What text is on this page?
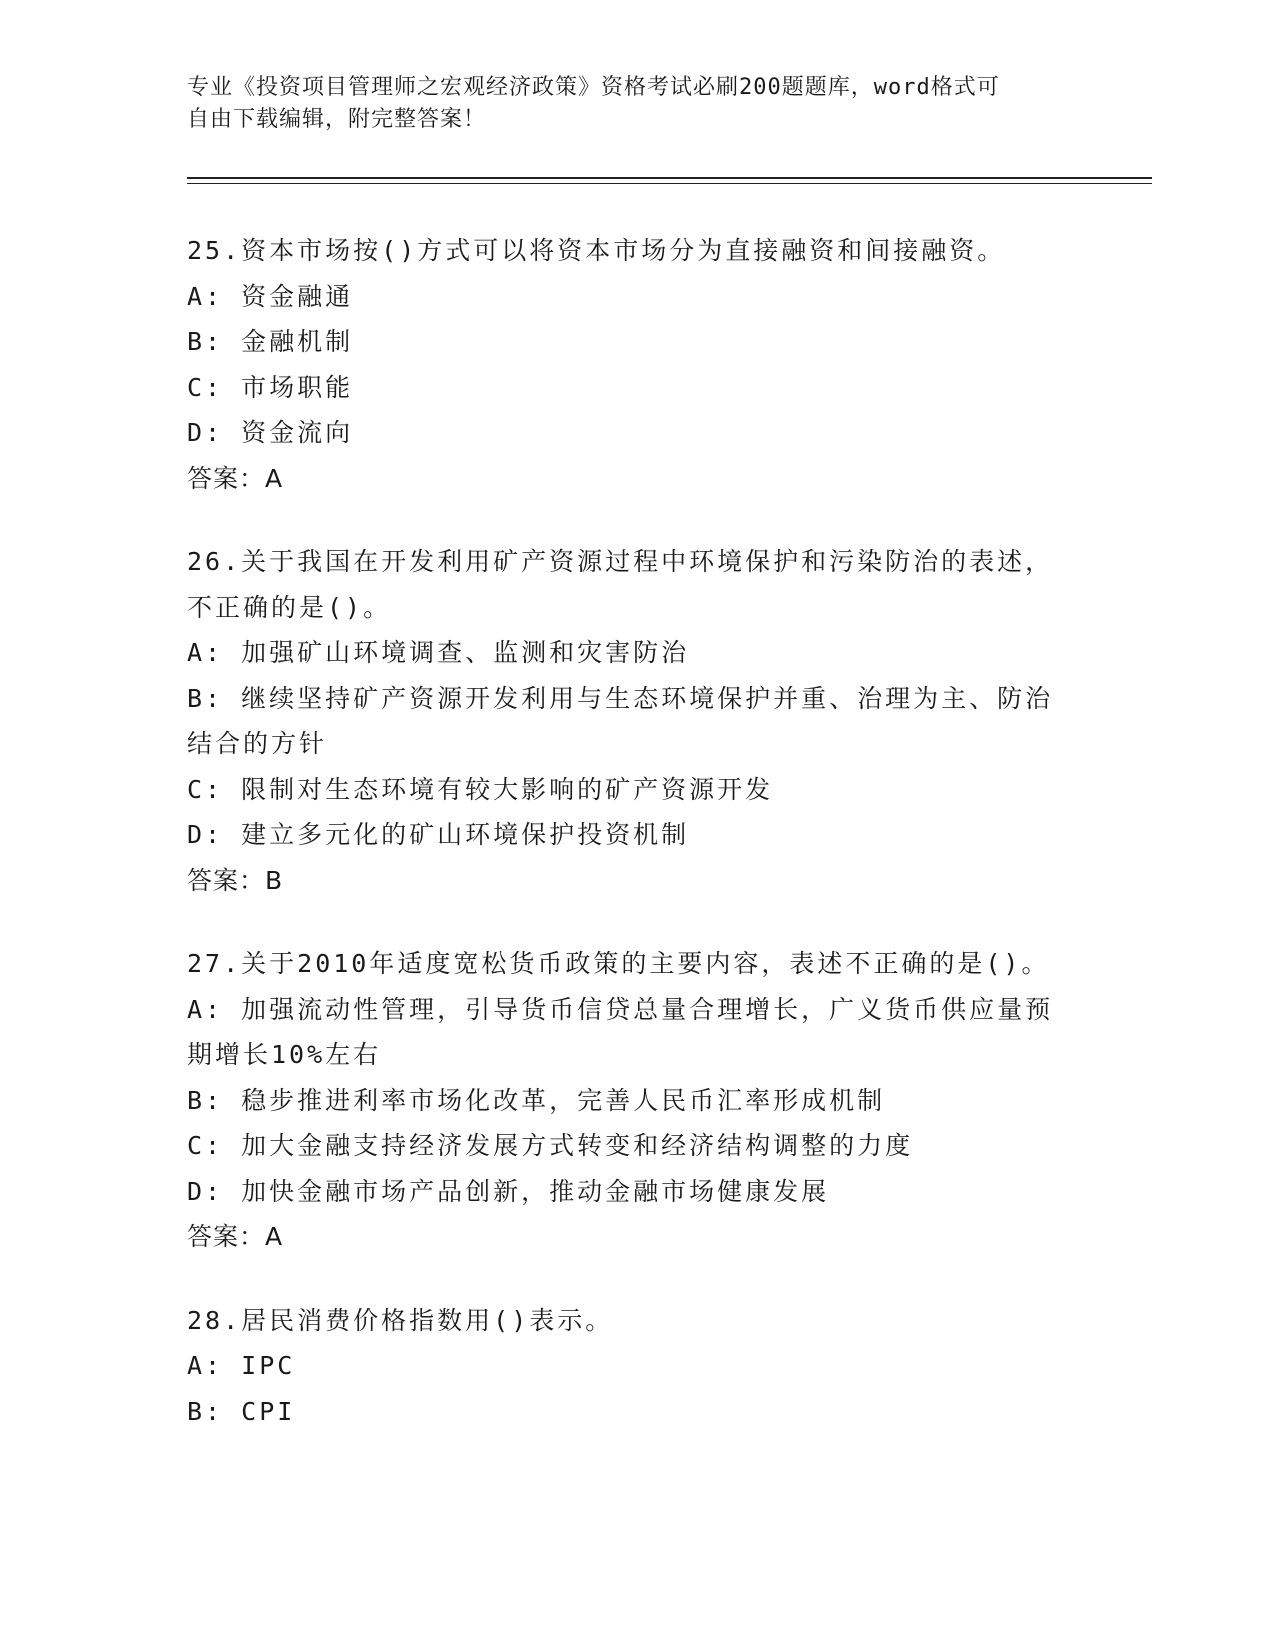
专业《投资项目管理师之宏观经济政策》资格考试必刷200题题库，word格式可
自由下载编辑，附完整答案！
25.资本市场按()方式可以将资本市场分为直接融资和间接融资。
A: 资金融通
B: 金融机制
C: 市场职能
D: 资金流向
答案：A
26.关于我国在开发利用矿产资源过程中环境保护和污染防治的表述，
不正确的是()。
A: 加强矿山环境调查、监测和灾害防治
B: 继续坚持矿产资源开发利用与生态环境保护并重、治理为主、防治
结合的方针
C: 限制对生态环境有较大影响的矿产资源开发
D: 建立多元化的矿山环境保护投资机制
答案：B
27.关于2010年适度宽松货币政策的主要内容，表述不正确的是()。
A: 加强流动性管理，引导货币信贷总量合理增长，广义货币供应量预
期增长10%左右
B: 稳步推进利率市场化改革，完善人民币汇率形成机制
C: 加大金融支持经济发展方式转变和经济结构调整的力度
D: 加快金融市场产品创新，推动金融市场健康发展
答案：A
28.居民消费价格指数用()表示。
A: IPC
B: CPI
